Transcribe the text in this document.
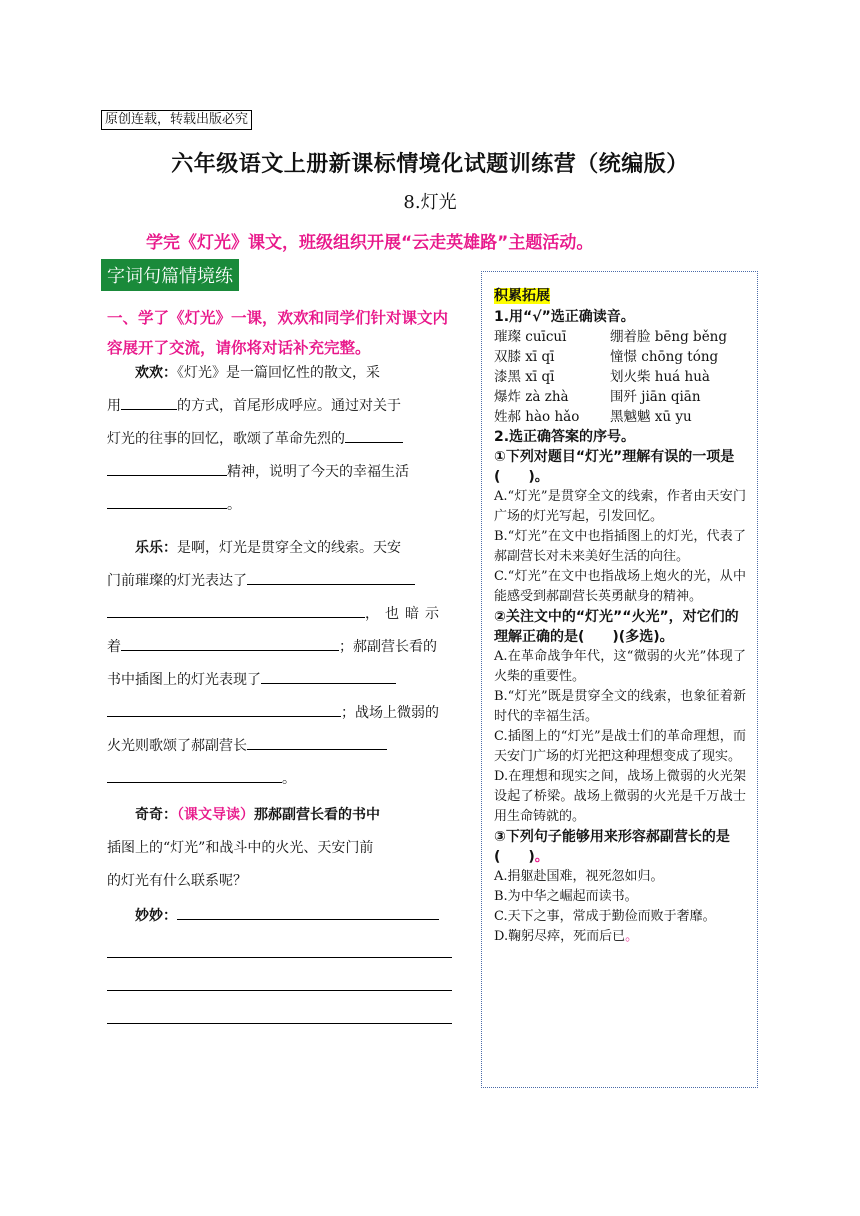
原创连载，转载出版必究
六年级语文上册新课标情境化试题训练营（统编版）
8.灯光
学完《灯光》课文，班级组织开展“云走英雄路”主题活动。
字词句篇情境练
一、学了《灯光》一课，欢欢和同学们针对课文内容展开了交流，请你将对话补充完整。
  欢欢：《灯光》是一篇回忆性的散文，采
用	的方式，首尾形成呼应。通过对关于
灯光的往事的回忆，歌颂了革命先烈的
精神，说明了今天的幸福生活
。
  乐乐：是啊，灯光是贯穿全文的线索。天安
门前璀璨的灯光表达了
，也暗示
着	；郝副营长看的
书中插图上的灯光表现了
；战场上微弱的
火光则歌颂了郝副营长
。
  奇奇：（课文导读）那郝副营长看的书中
插图上的“灯光”和战斗中的火光、天安门前
的灯光有什么联系呢？
  妙妙：
积累拓展
1.用“√”选正确读音。
璀璨 cuīcuī	绷着脸 bēng běng
双膝 xī qī	憧憬 chōng tóng
漆黑 xī qī	划火柴 huá huà
爆炸 zà zhà	围歼 jiān qiān
姓郝 hào hǎo	黑魆魆 xū yu
2.选正确答案的序号。
①下列对题目“灯光”理解有误的一项是(　　)。
A.“灯光”是贯穿全文的线索，作者由天安门广场的灯光写起，引发回忆。
B.“灯光”在文中也指插图上的灯光，代表了郝副营长对未来美好生活的向往。
C.“灯光”在文中也指战场上炮火的光，从中能感受到郝副营长英勇献身的精神。
②关注文中的“灯光”“火光”，对它们的理解正确的是(　　)(多选)。
A.在革命战争年代，这“微弱的火光”体现了火柴的重要性。
B.“灯光”既是贯穿全文的线索，也象征着新时代的幸福生活。
C.插图上的“灯光”是战士们的革命理想，而天安门广场的灯光把这种理想变成了现实。
D.在理想和现实之间，战场上微弱的火光架设起了桥梁。战场上微弱的火光是千万战士用生命铸就的。
③下列句子能够用来形容郝副营长的是(　　)。
A.捐躯赴国难，视死忽如归。
B.为中华之崛起而读书。
C.天下之事，常成于勤俭而败于奢靡。
D.鞠躬尽瘁，死而后已。
